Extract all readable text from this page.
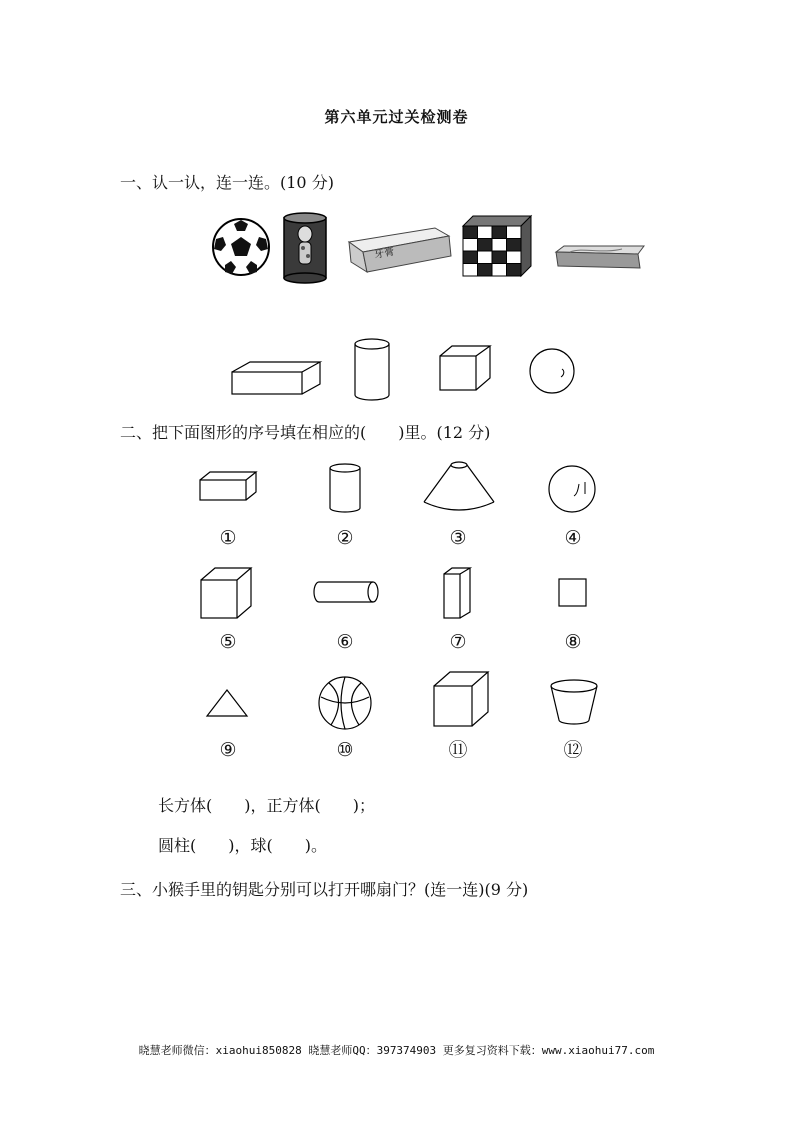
第六单元过关检测卷
一、认一认，连一连。(10 分)
牙膏
二、把下面图形的序号填在相应的(　　)里。(12 分)
①	②	③	④
⑤	⑥	⑦	⑧
⑨	⑩	⑪	⑫
长方体(　　)，正方体(　　)；
圆柱(　　)，球(　　)。
三、小猴手里的钥匙分别可以打开哪扇门？(连一连)(9 分)
晓慧老师微信：xiaohui850828 晓慧老师QQ：397374903 更多复习资料下载：www.xiaohui77.com
